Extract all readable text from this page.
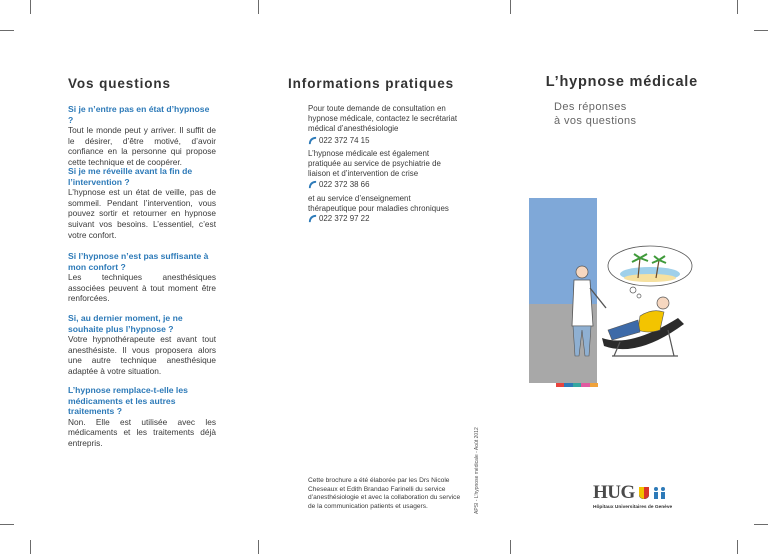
Vos questions

Si je n’entre pas en état d’hypnose ?

Tout le monde peut y arriver. Il suffit de le désirer, d’être motivé, d’avoir confiance en la personne qui propose cette technique et de coopérer.

Si je me réveille avant la fin de l’intervention ?

L’hypnose est un état de veille, pas de sommeil. Pendant l’intervention, vous pouvez sortir et retourner en hypnose suivant vos besoins. L’essentiel, c’est votre confort.

Si l’hypnose n’est pas suffisante à mon confort ?

Les techniques anesthésiques associées peuvent à tout moment être renforcées.

Si, au dernier moment, je ne souhaite plus l’hypnose ?

Votre hypnothérapeute est avant tout anesthésiste. Il vous proposera alors une autre technique anesthésique adaptée à votre situation.

L’hypnose remplace-t-elle les médicaments et les autres traitements ?

Non. Elle est utilisée avec les médicaments et les traitements déjà entrepris.

Informations pratiques

Pour toute demande de consultation en hypnose médicale, contactez le secrétariat médical d’anesthésiologie

022 372 74 15

L’hypnose médicale est également pratiquée au service de psychiatrie de liaison et d’intervention de crise

022 372 38 66

et au service d’enseignement thérapeutique pour maladies chroniques

022 372 97 22

Cette brochure a été élaborée par les Drs Nicole Cheseaux et Edith Brandao Farinelli du service d’anesthésiologie et avec la collaboration du service de la communication patients et usagers.	APSI - L’hypnose médicale - Août 2012
L’hypnose médicale
Des réponses
à vos questions
HUG
Hôpitaux Universitaires de Genève
